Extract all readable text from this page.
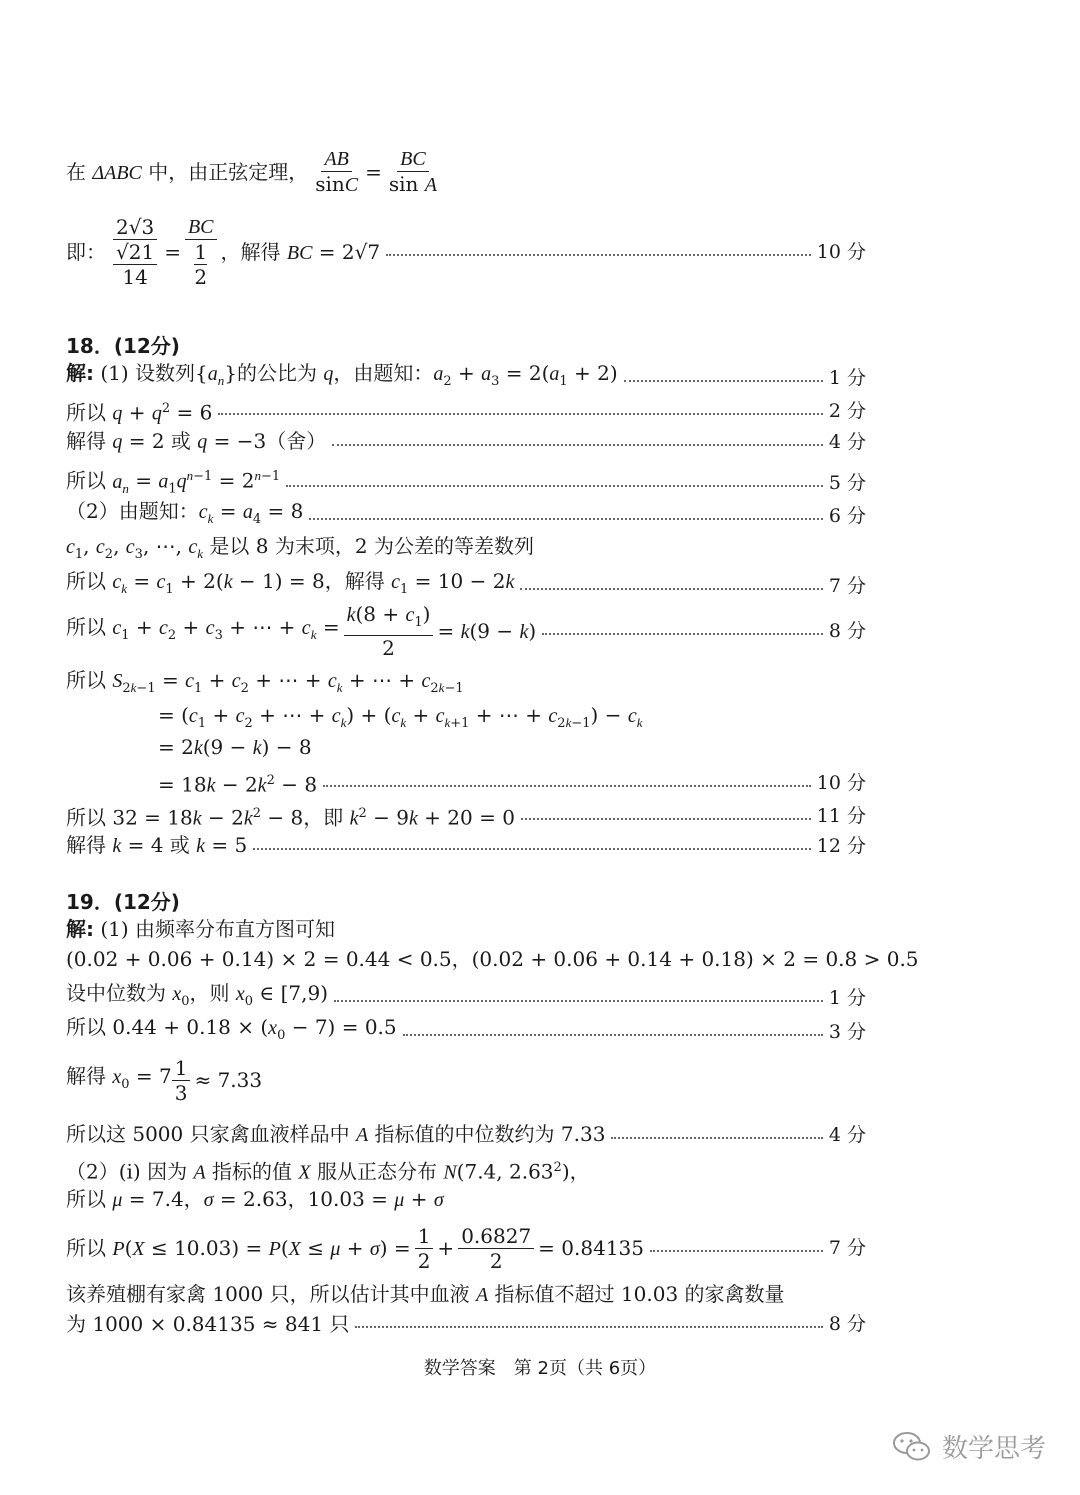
在 ΔABC 中，由正弦定理， $\frac{AB}{\sin C} = \frac{BC}{\text{sin A}}$
即： 2√3
√21
14 = BC
1
2 ，解得 BC = 2√7	10 分
18．(12分)
解: (1) 设数列$\{a_n\}$的公比为 q，由题知：$a_2 + a_3 = 2(a_1 + 2)$	1 分
所以 $q + q^2 = 6$	2 分
解得 q = 2 或 q = −3（舍）	4 分
所以 $a_n = a_1q^{n-1} = 2^{n-1}$	5 分
（2）由题知：$c_k = a_4 = 8$	6 分
$c_1$, $c_2$, $c_3$, ⋯, $c_k$ 是以 8 为末项，2 为公差的等差数列
所以 $c_k = c_1 + 2(k - 1) = 8$，解得 $c_1 = 10 - 2k$	7 分
所以 $c_1 + c_2 + c_3$ + ⋯ + $c_k = \frac{k(8 + c_1)}{2} = k(9 - k)$	8 分
所以 $S_{2k-1} = c_1 + c_2$ + ⋯ + $c_k$ + ⋯ + $c_{2k-1}$
= ($c_1 + c_2$ + ⋯ + $c_k) + (c_k + c_{k+1}$ + ⋯ + $c_{2k-1}) - c_k$
= 2k(9 − k) − 8
= $18k - 2k^2 - 8$	10 分
所以 $32 = 18k - 2k^2 - 8$，即 $k^2 - 9k + 20 = 0$	11 分
解得 k = 4 或 k = 5	12 分
19．(12分)
解: (1) 由频率分布直方图可知
(0.02 + 0.06 + 0.14) × 2 = 0.44 < 0.5，(0.02 + 0.06 + 0.14 + 0.18) × 2 = 0.8 > 0.5
设中位数为 $x_0$，则 $x_0$ ∈ [7,9)	1 分
所以 $0.44 + 0.18 \times (x_0 - 7) = 0.5$	3 分
解得 $x_0 = 7 \frac{1}{3} \approx 7.33$
所以这 5000 只家禽血液样品中 A 指标值的中位数约为 7.33	4 分
（2）(i) 因为 A 指标的值 X 服从正态分布 N(7.4, 2.63$^2$)，
所以 μ = 7.4，σ = 2.63，10.03 = μ + σ
所以 $P(X \le 10.03) = P(X \le \mu + \sigma) = \frac{1}{2} + \frac{0.6827}{2} = 0.84135$	7 分
该养殖棚有家禽 1000 只，所以估计其中血液 A 指标值不超过 10.03 的家禽数量
为 1000 × 0.84135 ≈ 841 只	8 分
数学答案　第 2页（共 6页）
数学思考
